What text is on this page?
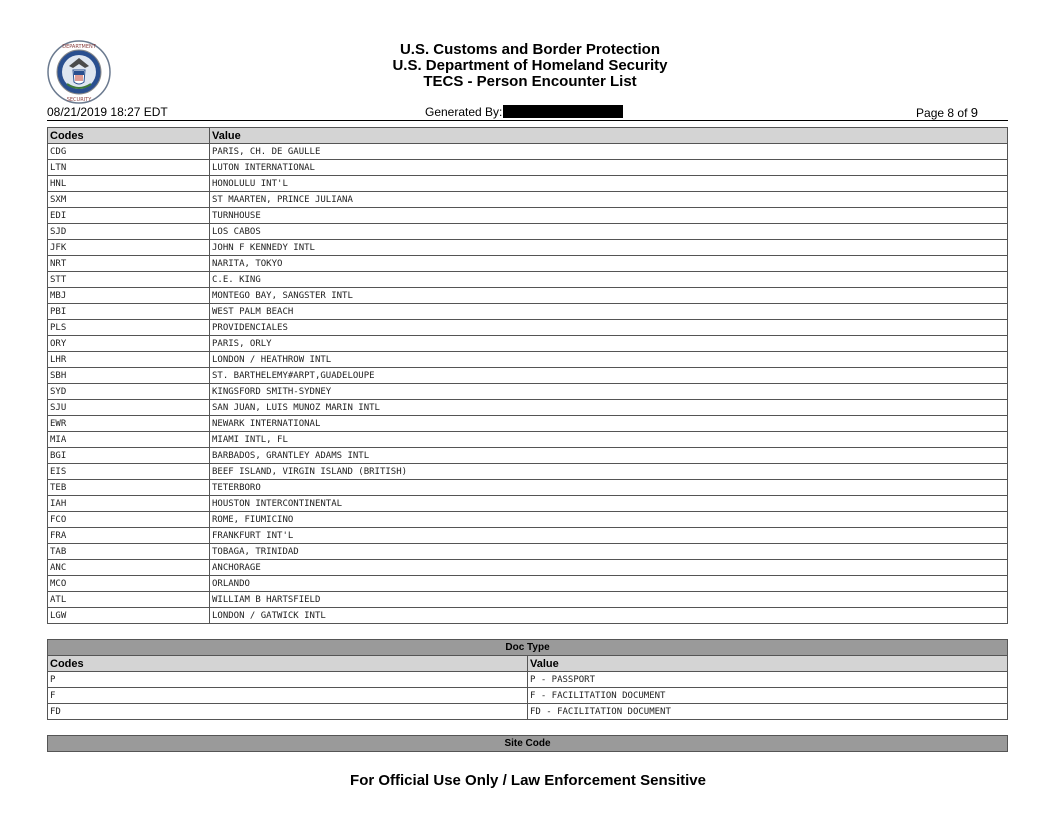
DEPARTMENT
SECURITY
U.S. Customs and Border Protection
U.S. Department of Homeland Security
TECS - Person Encounter List
08/21/2019 18:27 EDT	Generated By:	Page 8 of 9
Codes	Value
CDG	PARIS, CH. DE GAULLE
LTN	LUTON INTERNATIONAL
HNL	HONOLULU INT'L
SXM	ST MAARTEN, PRINCE JULIANA
EDI	TURNHOUSE
SJD	LOS CABOS
JFK	JOHN F KENNEDY INTL
NRT	NARITA, TOKYO
STT	C.E. KING
MBJ	MONTEGO BAY, SANGSTER INTL
PBI	WEST PALM BEACH
PLS	PROVIDENCIALES
ORY	PARIS, ORLY
LHR	LONDON / HEATHROW INTL
SBH	ST. BARTHELEMY#ARPT,GUADELOUPE
SYD	KINGSFORD SMITH-SYDNEY
SJU	SAN JUAN, LUIS MUNOZ MARIN INTL
EWR	NEWARK INTERNATIONAL
MIA	MIAMI INTL, FL
BGI	BARBADOS, GRANTLEY ADAMS INTL
EIS	BEEF ISLAND, VIRGIN ISLAND (BRITISH)
TEB	TETERBORO
IAH	HOUSTON INTERCONTINENTAL
FCO	ROME, FIUMICINO
FRA	FRANKFURT INT'L
TAB	TOBAGA, TRINIDAD
ANC	ANCHORAGE
MCO	ORLANDO
ATL	WILLIAM B HARTSFIELD
LGW	LONDON / GATWICK INTL
Doc Type	
Codes	Value
P	P - PASSPORT
F	F - FACILITATION DOCUMENT
FD	FD - FACILITATION DOCUMENT
Site Code
For Official Use Only / Law Enforcement Sensitive
